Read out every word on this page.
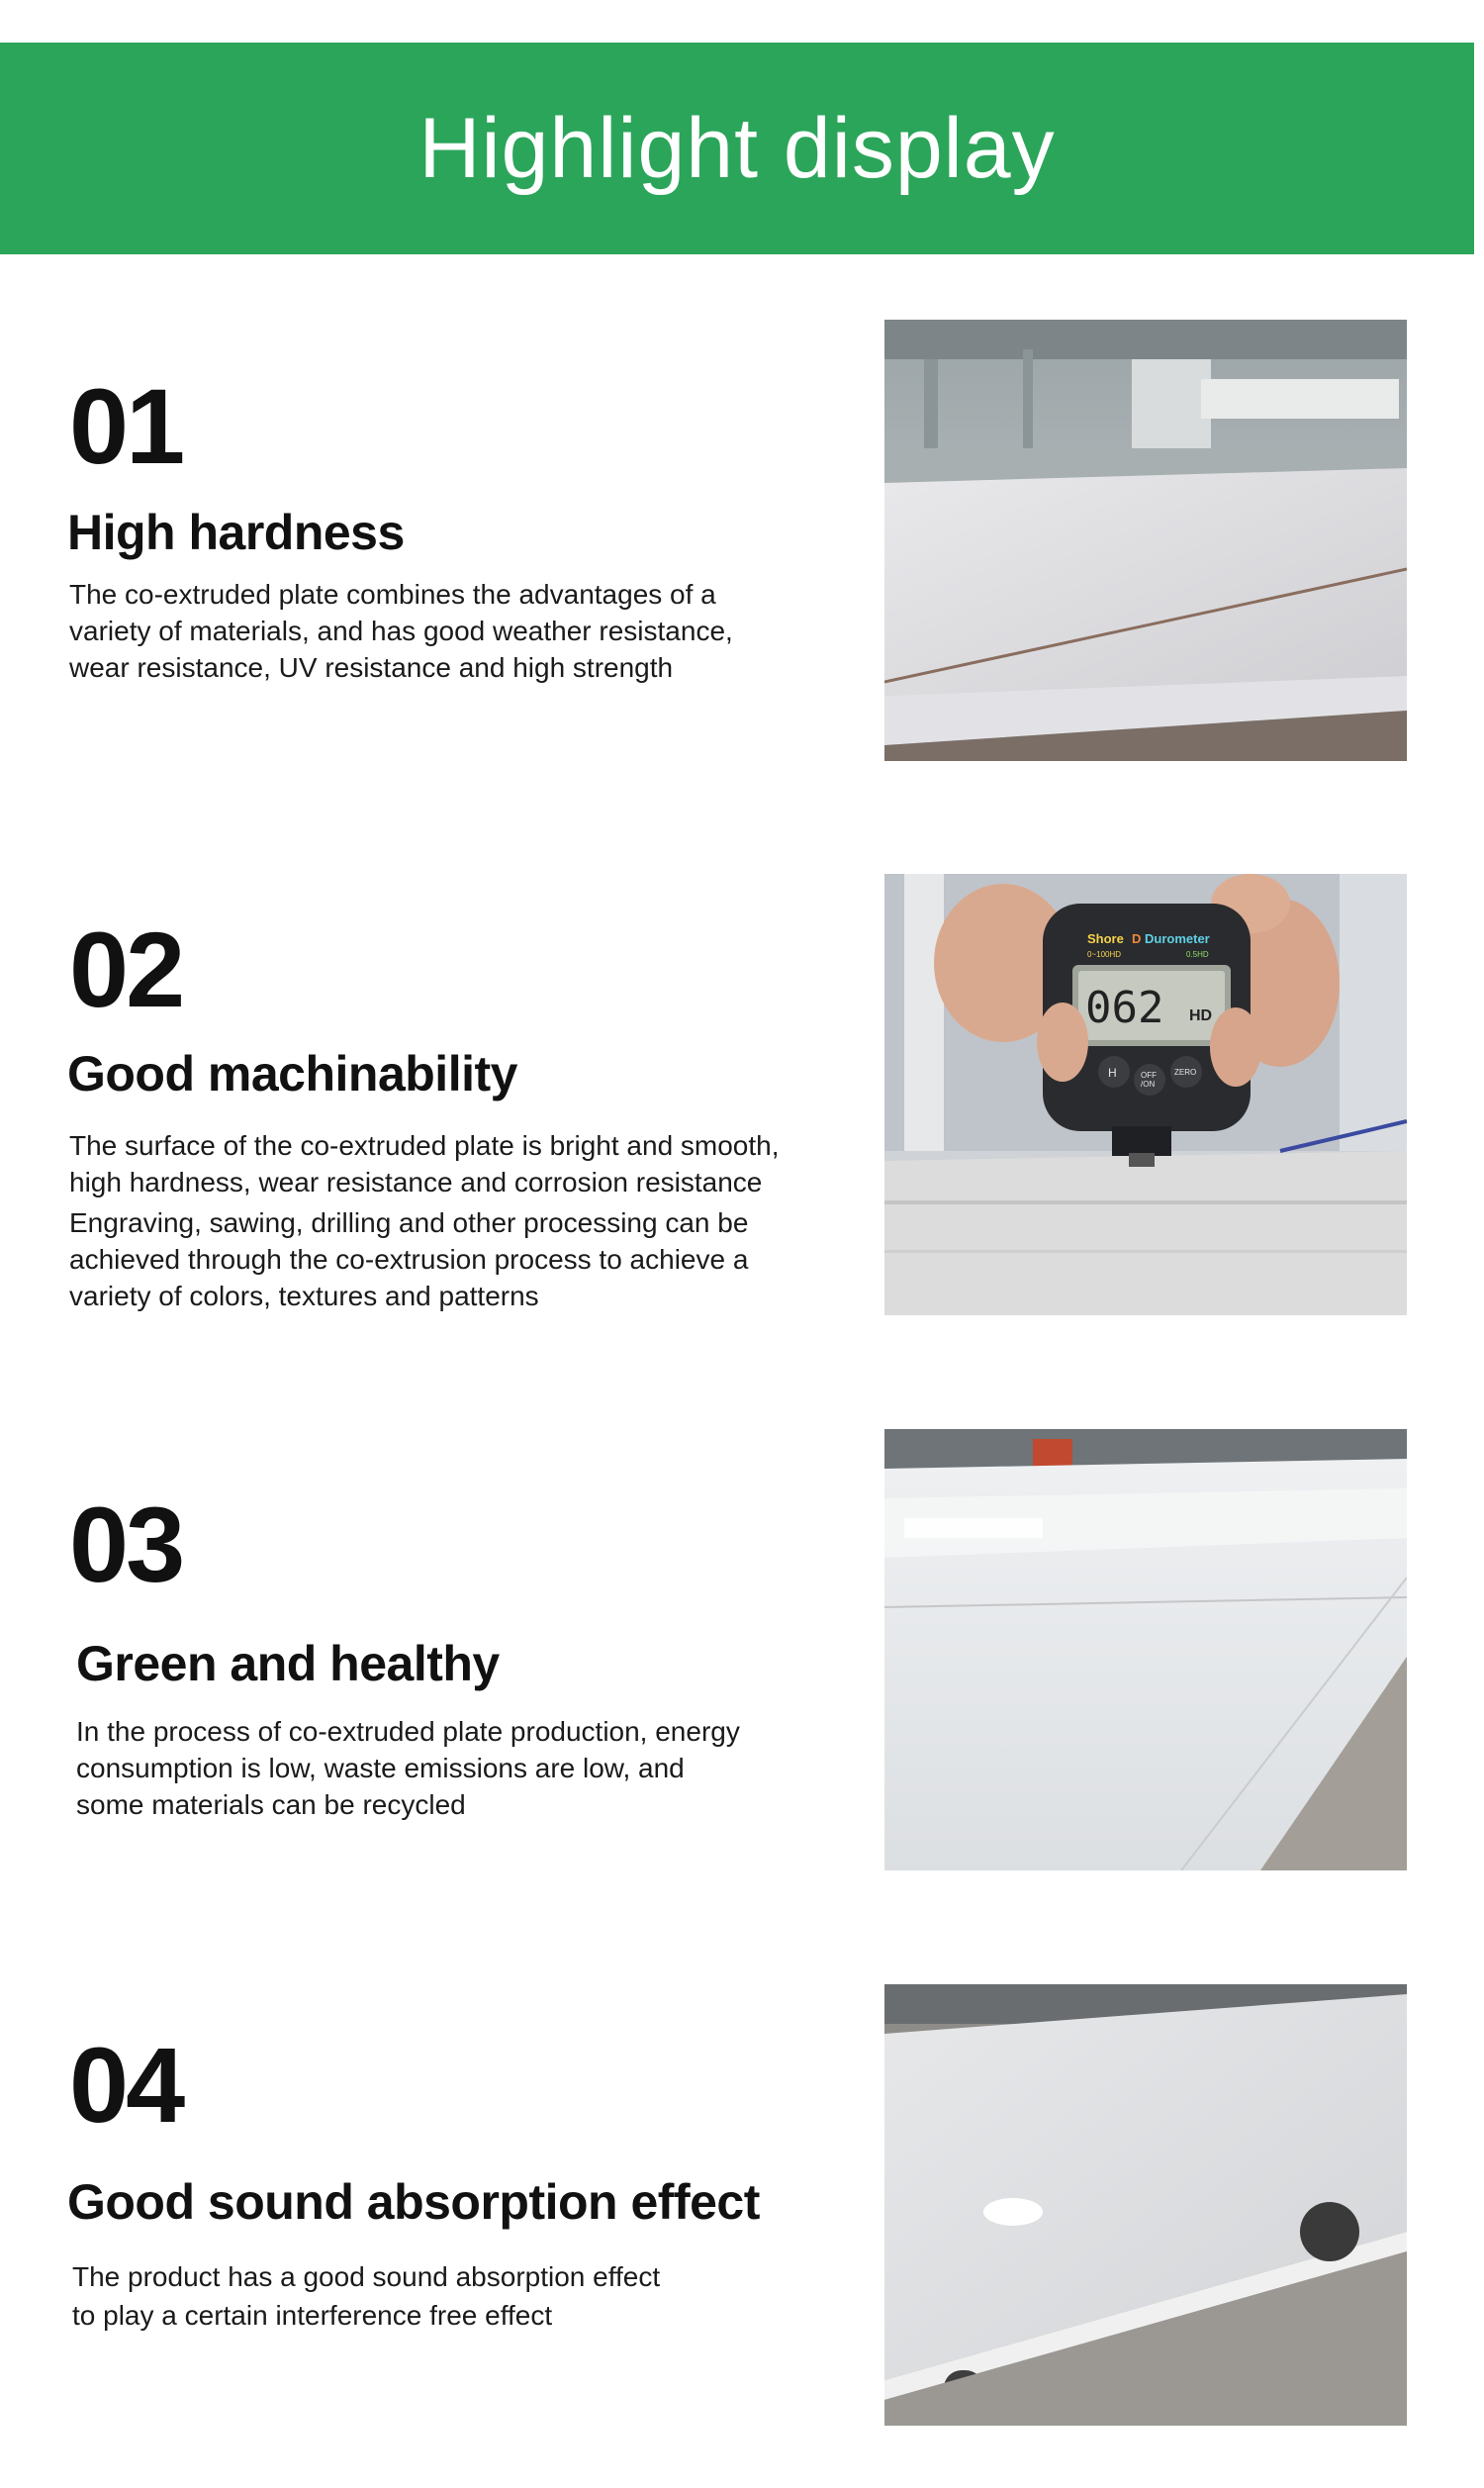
Highlight display
01
High hardness

The co-extruded plate combines the advantages of a
variety of materials, and has good weather resistance,
wear resistance, UV resistance and high strength

02
Good machinability

The surface of the co-extruded plate is bright and smooth,
high hardness, wear resistance and corrosion resistance

Engraving, sawing, drilling and other processing can be
achieved through the co-extrusion process to achieve a
variety of colors, textures and patterns

Shore D Durometer
0~100HD	0.5HD
062 HD
H	OFF
/ON
ZERO
03
Green and healthy

In the process of co-extruded plate production, energy
consumption is low, waste emissions are low, and
some materials can be recycled

04
Good sound absorption effect

The product has a good sound absorption effect
to play a certain interference free effect
